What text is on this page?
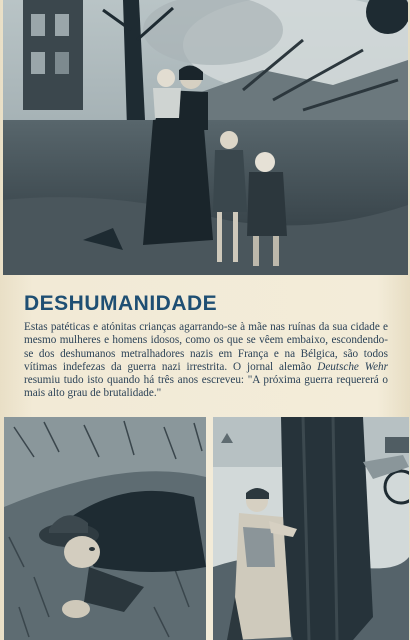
DESHUMANIDADE

Estas patéticas e atónitas crianças agarrando-se à mãe nas ruínas da sua cidade e mesmo mulheres e homens idosos, como os que se vêem embaixo, escondendo-se dos deshumanos metralhadores nazis em França e na Bélgica, são todos vítimas indefezas da guerra nazi irrestrita. O jornal alemão Deutsche Wehr resumiu tudo isto quando há três anos escreveu: "A próxima guerra requererá o mais alto grau de brutalidade."
